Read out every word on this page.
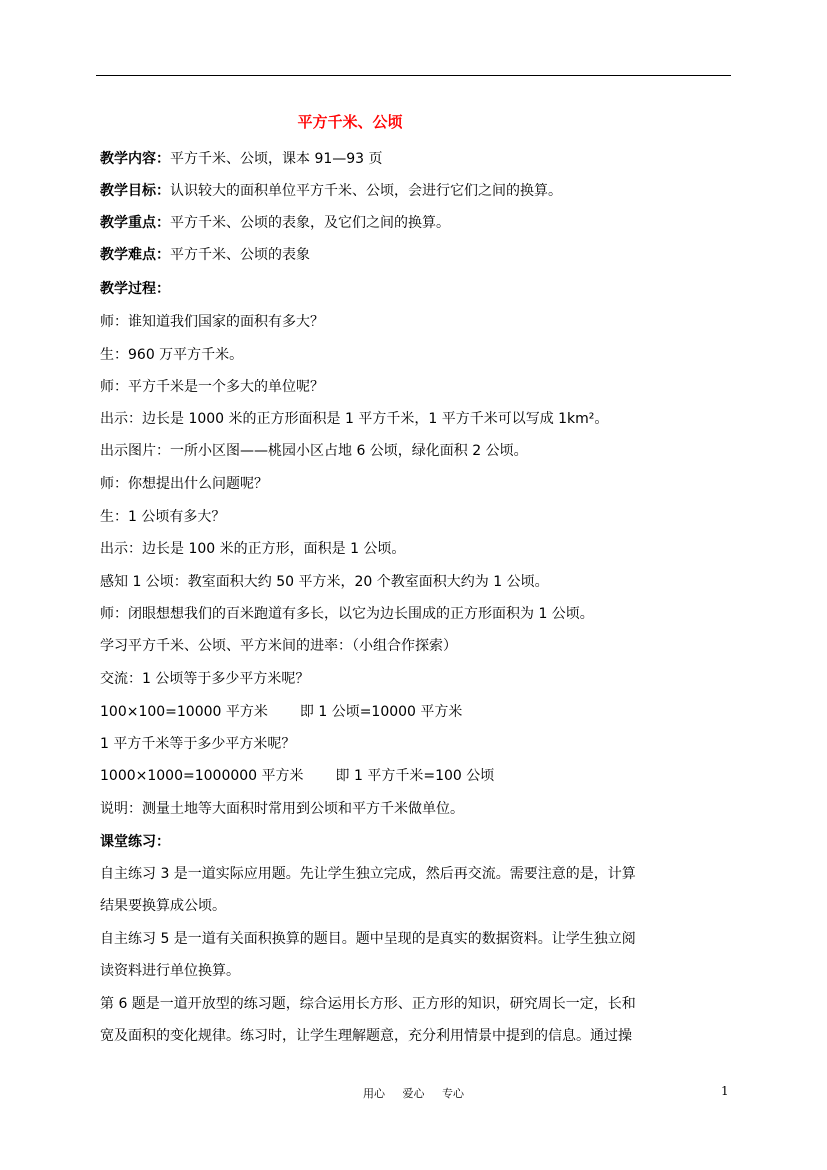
平方千米、公顷
教学内容：平方千米、公顷，课本 91—93 页
教学目标：认识较大的面积单位平方千米、公顷，会进行它们之间的换算。
教学重点：平方千米、公顷的表象，及它们之间的换算。
教学难点：平方千米、公顷的表象
教学过程：
师：谁知道我们国家的面积有多大？
生：960 万平方千米。
师：平方千米是一个多大的单位呢？
出示：边长是 1000 米的正方形面积是 1 平方千米，1 平方千米可以写成 1km²。
出示图片：一所小区图——桃园小区占地 6 公顷，绿化面积 2 公顷。
师：你想提出什么问题呢？
生：1 公顷有多大？
出示：边长是 100 米的正方形，面积是 1 公顷。
感知 1 公顷：教室面积大约 50 平方米，20 个教室面积大约为 1 公顷。
师：闭眼想想我们的百米跑道有多长，以它为边长围成的正方形面积为 1 公顷。
学习平方千米、公顷、平方米间的进率：（小组合作探索）
交流：1 公顷等于多少平方米呢？
100×100=10000 平方米 即 1 公顷=10000 平方米
1 平方千米等于多少平方米呢？
1000×1000=1000000 平方米 即 1 平方千米=100 公顷
说明：测量土地等大面积时常用到公顷和平方千米做单位。
课堂练习：
自主练习 3 是一道实际应用题。先让学生独立完成，然后再交流。需要注意的是，计算
结果要换算成公顷。
自主练习 5 是一道有关面积换算的题目。题中呈现的是真实的数据资料。让学生独立阅
读资料进行单位换算。
第 6 题是一道开放型的练习题，综合运用长方形、正方形的知识，研究周长一定，长和
宽及面积的变化规律。练习时，让学生理解题意，充分利用情景中提到的信息。通过操
用心 爱心 专心	1
